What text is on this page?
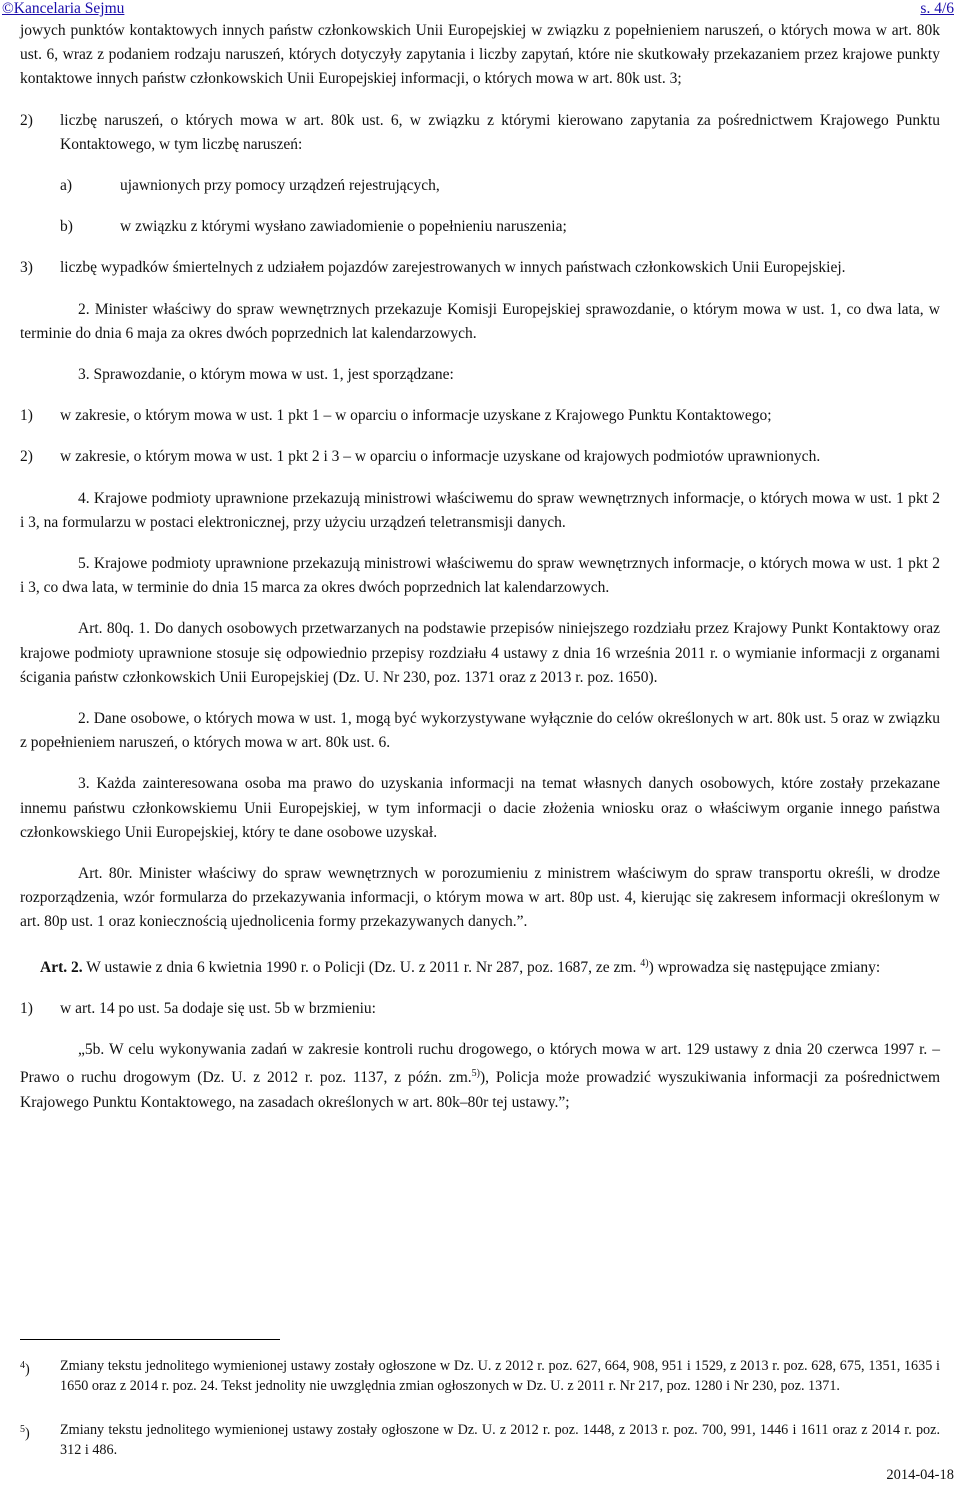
©Kancelaria Sejmu	s. 4/6

jowych punktów kontaktowych innych państw członkowskich Unii Europejskiej w związku z popełnieniem naruszeń, o których mowa w art. 80k ust. 6, wraz z podaniem rodzaju naruszeń, których dotyczyły zapytania i liczby zapytań, które nie skutkowały przekazaniem przez krajowe punkty kontaktowe innych państw członkowskich Unii Europejskiej informacji, o których mowa w art. 80k ust. 3;

2)	liczbę naruszeń, o których mowa w art. 80k ust. 6, w związku z którymi kierowano zapytania za pośrednictwem Krajowego Punktu Kontaktowego, w tym liczbę naruszeń:
a)	ujawnionych przy pomocy urządzeń rejestrujących,
b)	w związku z którymi wysłano zawiadomienie o popełnieniu naruszenia;
3)	liczbę wypadków śmiertelnych z udziałem pojazdów zarejestrowanych w innych państwach członkowskich Unii Europejskiej.

2. Minister właściwy do spraw wewnętrznych przekazuje Komisji Europejskiej sprawozdanie, o którym mowa w ust. 1, co dwa lata, w terminie do dnia 6 maja za okres dwóch poprzednich lat kalendarzowych.

3. Sprawozdanie, o którym mowa w ust. 1, jest sporządzane:

1)	w zakresie, o którym mowa w ust. 1 pkt 1 – w oparciu o informacje uzyskane z Krajowego Punktu Kontaktowego;
2)	w zakresie, o którym mowa w ust. 1 pkt 2 i 3 – w oparciu o informacje uzyskane od krajowych podmiotów uprawnionych.

4. Krajowe podmioty uprawnione przekazują ministrowi właściwemu do spraw wewnętrznych informacje, o których mowa w ust. 1 pkt 2 i 3, na formularzu w postaci elektronicznej, przy użyciu urządzeń teletransmisji danych.

5. Krajowe podmioty uprawnione przekazują ministrowi właściwemu do spraw wewnętrznych informacje, o których mowa w ust. 1 pkt 2 i 3, co dwa lata, w terminie do dnia 15 marca za okres dwóch poprzednich lat kalendarzowych.

Art. 80q. 1. Do danych osobowych przetwarzanych na podstawie przepisów niniejszego rozdziału przez Krajowy Punkt Kontaktowy oraz krajowe podmioty uprawnione stosuje się odpowiednio przepisy rozdziału 4 ustawy z dnia 16 września 2011 r. o wymianie informacji z organami ścigania państw członkowskich Unii Europejskiej (Dz. U. Nr 230, poz. 1371 oraz z 2013 r. poz. 1650).

2. Dane osobowe, o których mowa w ust. 1, mogą być wykorzystywane wyłącznie do celów określonych w art. 80k ust. 5 oraz w związku z popełnieniem naruszeń, o których mowa w art. 80k ust. 6.

3. Każda zainteresowana osoba ma prawo do uzyskania informacji na temat własnych danych osobowych, które zostały przekazane innemu państwu członkowskiemu Unii Europejskiej, w tym informacji o dacie złożenia wniosku oraz o właściwym organie innego państwa członkowskiego Unii Europejskiej, który te dane osobowe uzyskał.

Art. 80r. Minister właściwy do spraw wewnętrznych w porozumieniu z ministrem właściwym do spraw transportu określi, w drodze rozporządzenia, wzór formularza do przekazywania informacji, o którym mowa w art. 80p ust. 4, kierując się zakresem informacji określonym w art. 80p ust. 1 oraz koniecznością ujednolicenia formy przekazywanych danych.”.

Art. 2. W ustawie z dnia 6 kwietnia 1990 r. o Policji (Dz. U. z 2011 r. Nr 287, poz. 1687, ze zm. $^{4)}$) wprowadza się następujące zmiany:

1)	w art. 14 po ust. 5a dodaje się ust. 5b w brzmieniu:

„5b. W celu wykonywania zadań w zakresie kontroli ruchu drogowego, o których mowa w art. 129 ustawy z dnia 20 czerwca 1997 r. – Prawo o ruchu drogowym (Dz. U. z 2012 r. poz. 1137, z późn. zm.$^{5)}$), Policja może prowadzić wyszukiwania informacji za pośrednictwem Krajowego Punktu Kontaktowego, na zasadach określonych w art. 80k–80r tej ustawy.”;

$^4$)	Zmiany tekstu jednolitego wymienionej ustawy zostały ogłoszone w Dz. U. z 2012 r. poz. 627, 664, 908, 951 i 1529, z 2013 r. poz. 628, 675, 1351, 1635 i 1650 oraz z 2014 r. poz. 24. Tekst jednolity nie uwzględnia zmian ogłoszonych w Dz. U. z 2011 r. Nr 217, poz. 1280 i Nr 230, poz. 1371.
$^5$)	Zmiany tekstu jednolitego wymienionej ustawy zostały ogłoszone w Dz. U. z 2012 r. poz. 1448, z 2013 r. poz. 700, 991, 1446 i 1611 oraz z 2014 r. poz. 312 i 486.
2014-04-18
